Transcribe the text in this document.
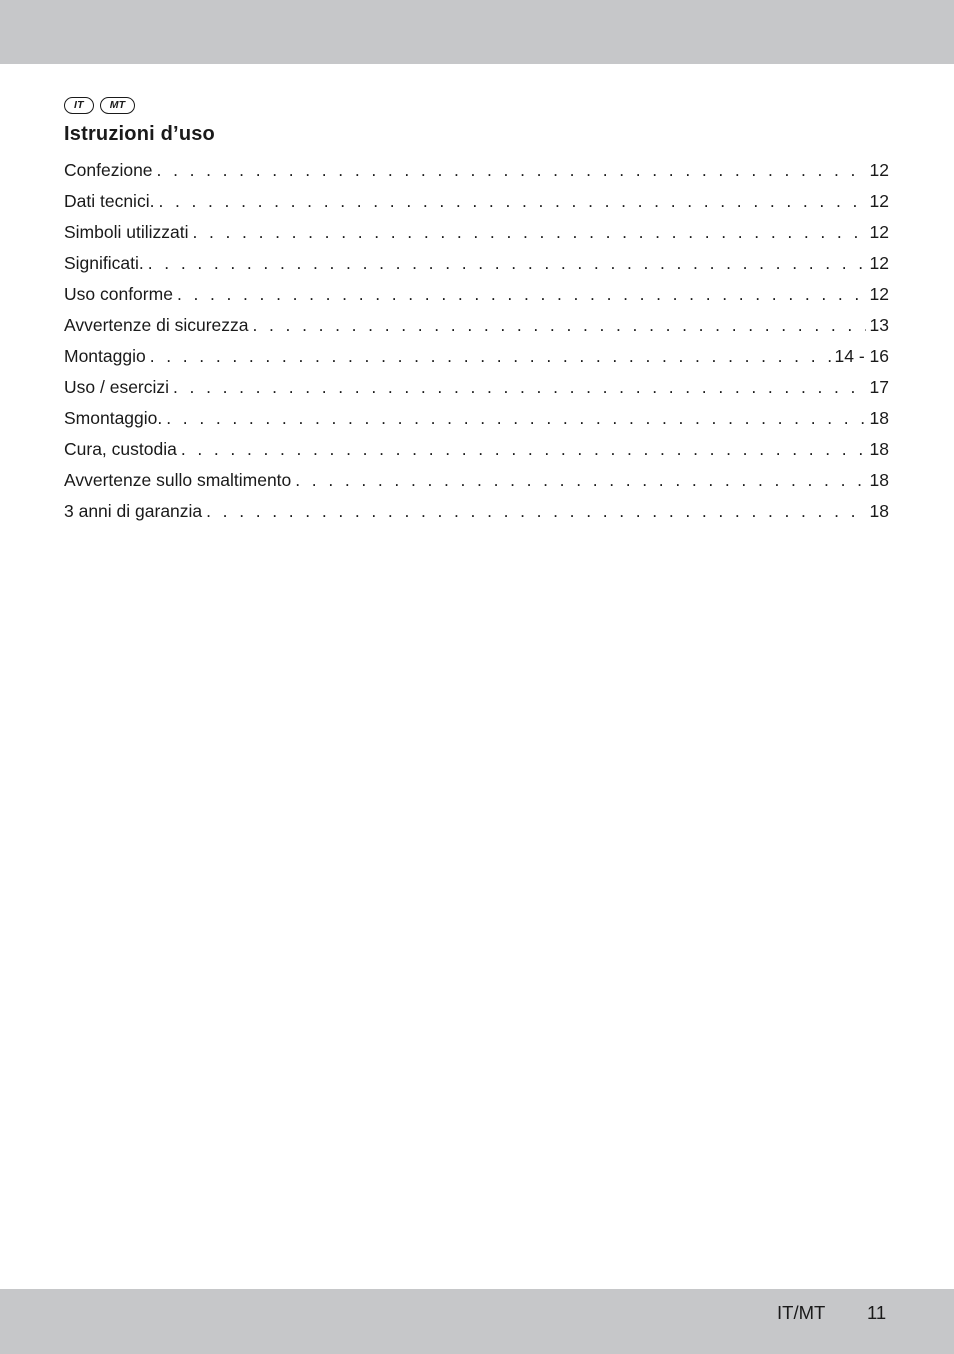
IT	MT
Istruzioni d’uso
Confezione . . .	12
Dati tecnici. . . .	12
Simboli utilizzati . . .	12
Significati. . . .	12
Uso conforme . . .	12
Avvertenze di sicurezza . . .	13
Montaggio . . .	14 - 16
Uso / esercizi . . .	17
Smontaggio. . . .	18
Cura, custodia . . .	18
Avvertenze sullo smaltimento . . .	18
3 anni di garanzia . . .	18
IT/MT 11
